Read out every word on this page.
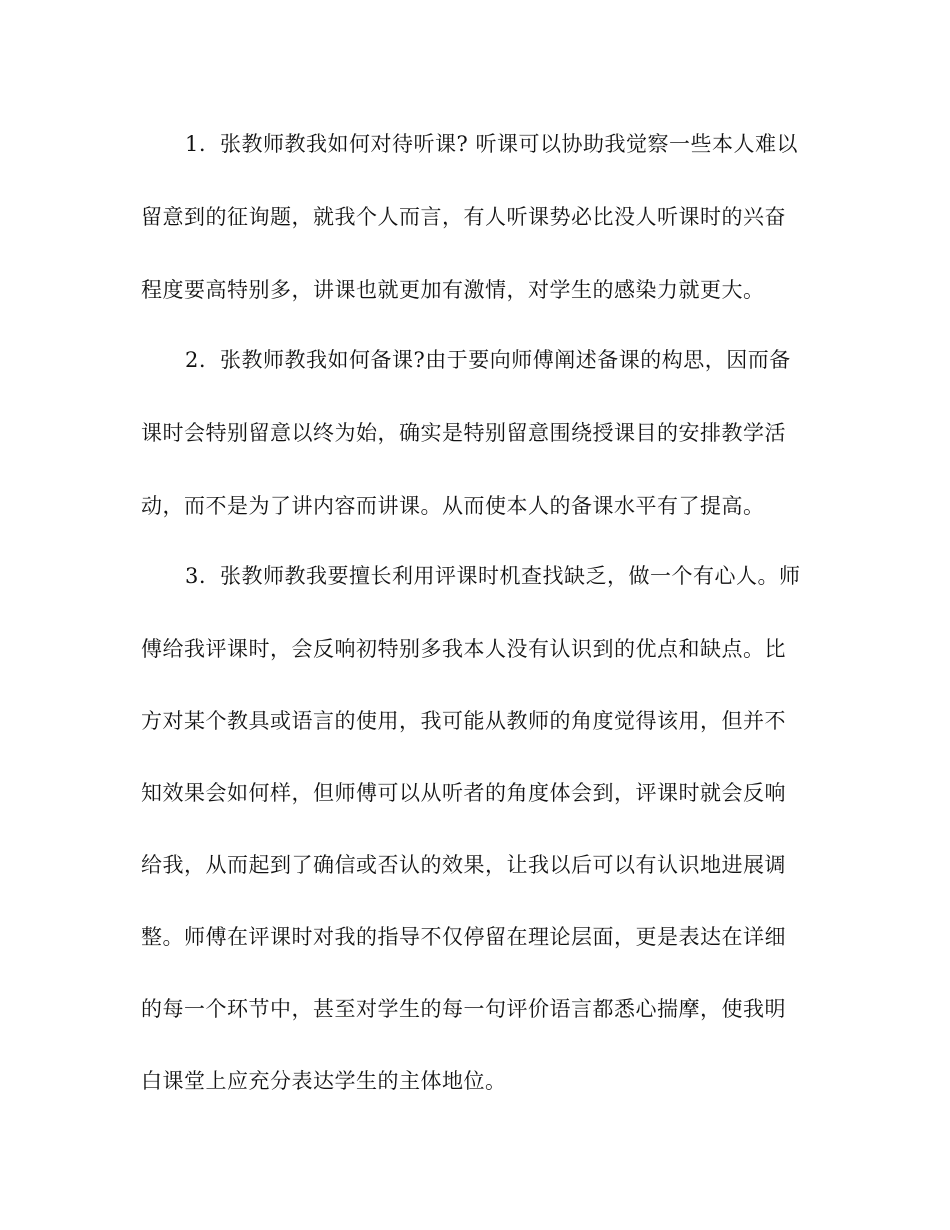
1. 张教师教我如何对待听课? 听课可以协助我觉察一些本人难以
留意到的征询题，就我个人而言，有人听课势必比没人听课时的兴奋
程度要高特别多，讲课也就更加有激情，对学生的感染力就更大。
2. 张教师教我如何备课?由于要向师傅阐述备课的构思，因而备
课时会特别留意以终为始，确实是特别留意围绕授课目的安排教学活
动，而不是为了讲内容而讲课。从而使本人的备课水平有了提高。
3. 张教师教我要擅长利用评课时机查找缺乏，做一个有心人。师
傅给我评课时，会反响初特别多我本人没有认识到的优点和缺点。比
方对某个教具或语言的使用，我可能从教师的角度觉得该用，但并不
知效果会如何样，但师傅可以从听者的角度体会到，评课时就会反响
给我，从而起到了确信或否认的效果，让我以后可以有认识地进展调
整。师傅在评课时对我的指导不仅停留在理论层面，更是表达在详细
的每一个环节中，甚至对学生的每一句评价语言都悉心揣摩，使我明
白课堂上应充分表达学生的主体地位。
